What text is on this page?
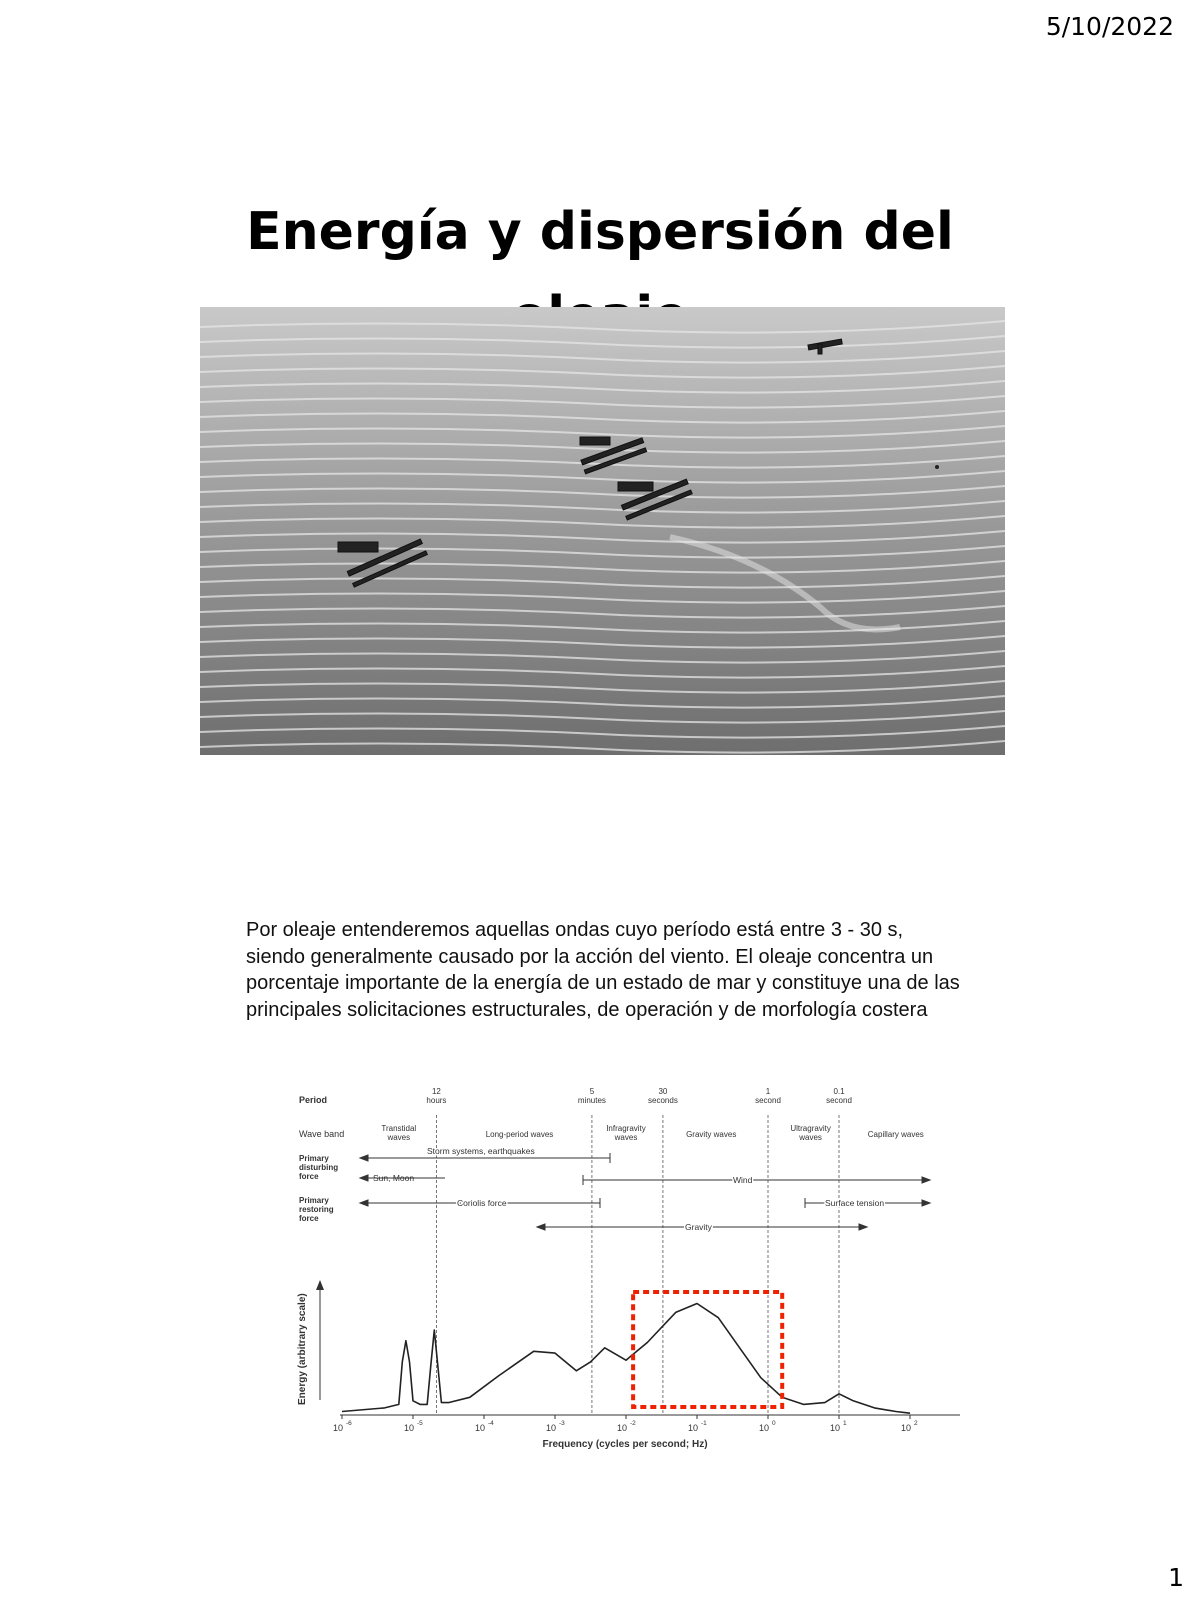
5/10/2022
Energía y dispersión del
Por oleaje entenderemos aquellas ondas cuyo período está entre 3 - 30 s, siendo generalmente causado por la acción del viento. El oleaje concentra un porcentaje importante de la energía de un estado de mar y constituye una de las principales solicitaciones estructurales, de operación y de morfología costera
Period
Wave band
Primary
disturbing
force
Primary
restoring
force
12
hours
5
minutes
30
seconds
1
second
0.1
second
Transtidal
waves	Long-period waves
Infragravity
waves	Gravity waves
Ultragravity
waves	Capillary waves
Storm systems, earthquakes
Sun, Moon	Wind
Coriolis force	Surface tension
Gravity
Energy (arbitrary scale)
10 -6	10 -5	10 -4	10 -3	10 -2	10 -1	10 0	10 1	10 2
Frequency (cycles per second; Hz)
1
